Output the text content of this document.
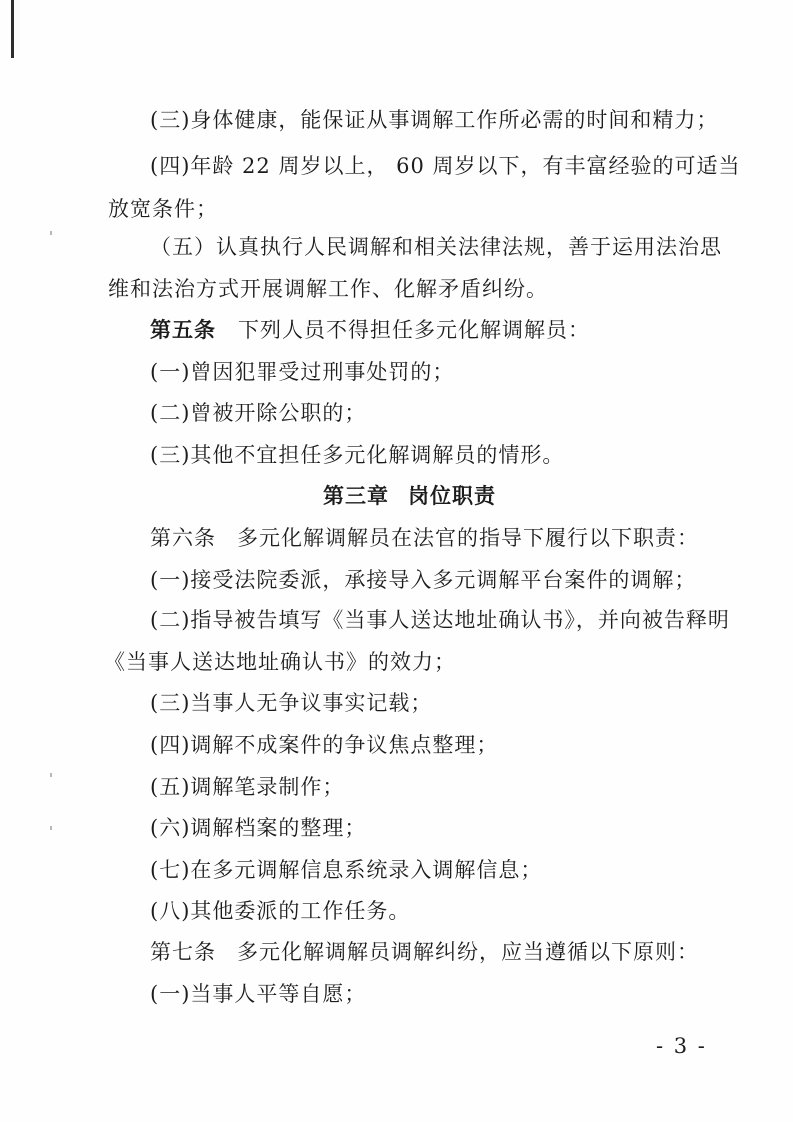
(三)身体健康，能保证从事调解工作所必需的时间和精力；
(四)年龄 22 周岁以上， 60 周岁以下，有丰富经验的可适当
放宽条件；
（五）认真执行人民调解和相关法律法规，善于运用法治思
维和法治方式开展调解工作、化解矛盾纠纷。
第五条 下列人员不得担任多元化解调解员：
(一)曾因犯罪受过刑事处罚的；
(二)曾被开除公职的；
(三)其他不宜担任多元化解调解员的情形。
第三章 岗位职责
第六条 多元化解调解员在法官的指导下履行以下职责：
(一)接受法院委派，承接导入多元调解平台案件的调解；
(二)指导被告填写《当事人送达地址确认书》，并向被告释明
《当事人送达地址确认书》的效力；
(三)当事人无争议事实记载；
(四)调解不成案件的争议焦点整理；
(五)调解笔录制作；
(六)调解档案的整理；
(七)在多元调解信息系统录入调解信息；
(八)其他委派的工作任务。
第七条 多元化解调解员调解纠纷，应当遵循以下原则：
(一)当事人平等自愿；
- 3 -
